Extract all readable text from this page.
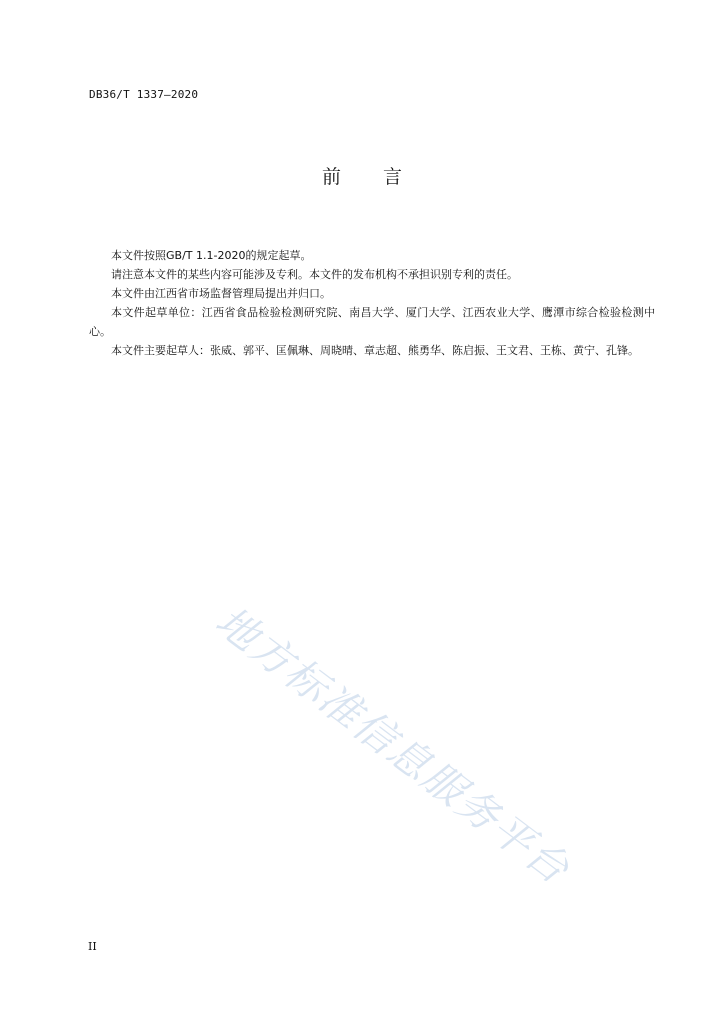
DB36/T 1337—2020
前言

本文件按照GB/T 1.1-2020的规定起草。

请注意本文件的某些内容可能涉及专利。本文件的发布机构不承担识别专利的责任。

本文件由江西省市场监督管理局提出并归口。

本文件起草单位：江西省食品检验检测研究院、南昌大学、厦门大学、江西农业大学、鹰潭市综合检验检测中心。

本文件主要起草人：张威、郭平、匡佩琳、周晓晴、章志超、熊勇华、陈启振、王文君、王栋、黄宁、孔锋。

地方标准信息服务平台
II
